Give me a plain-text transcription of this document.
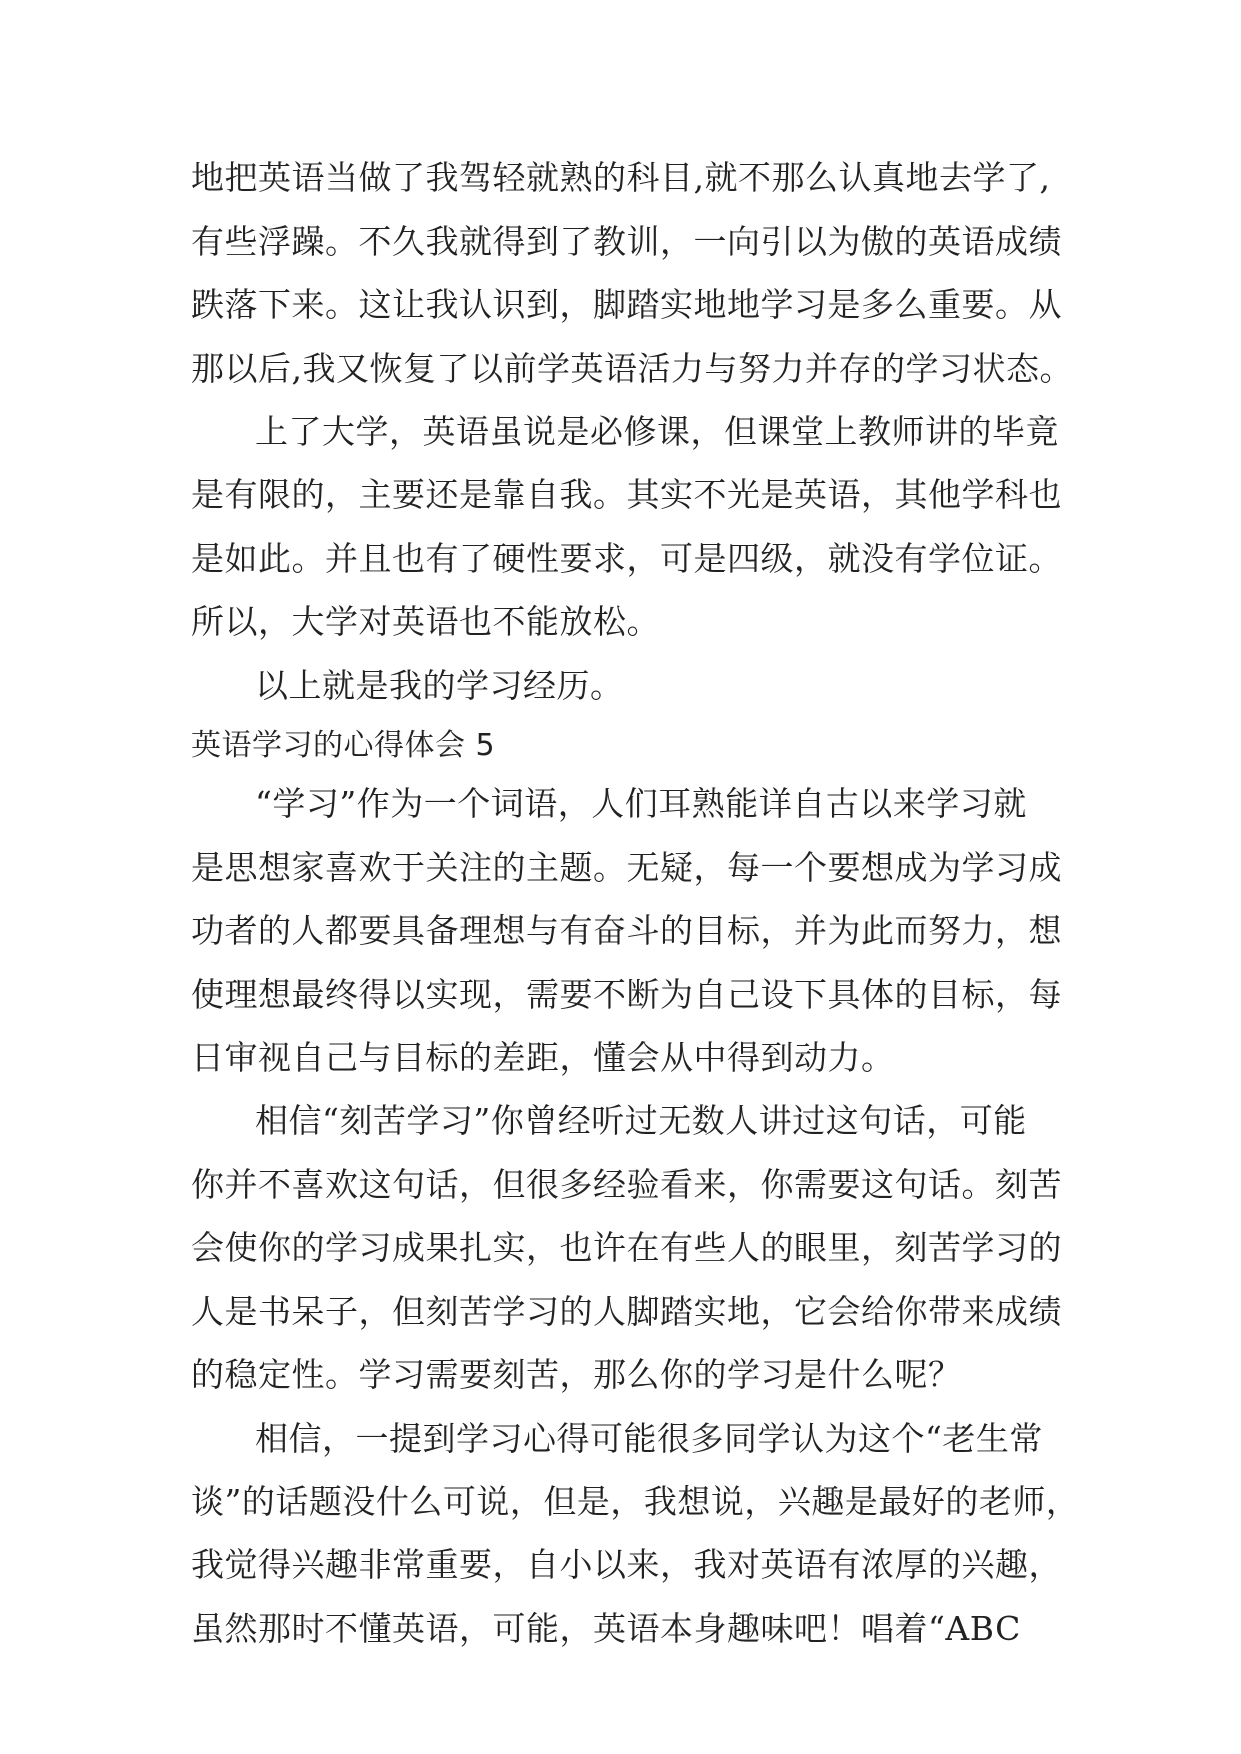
地把英语当做了我驾轻就熟的科目,就不那么认真地去学了,

有些浮躁。不久我就得到了教训，一向引以为傲的英语成绩

跌落下来。这让我认识到，脚踏实地地学习是多么重要。从

那以后,我又恢复了以前学英语活力与努力并存的学习状态。

上了大学，英语虽说是必修课，但课堂上教师讲的毕竟

是有限的，主要还是靠自我。其实不光是英语，其他学科也

是如此。并且也有了硬性要求，可是四级，就没有学位证。

所以，大学对英语也不能放松。

以上就是我的学习经历。

英语学习的心得体会 5

“学习”作为一个词语，人们耳熟能详自古以来学习就

是思想家喜欢于关注的主题。无疑，每一个要想成为学习成

功者的人都要具备理想与有奋斗的目标，并为此而努力，想

使理想最终得以实现，需要不断为自己设下具体的目标，每

日审视自己与目标的差距，懂会从中得到动力。

相信“刻苦学习”你曾经听过无数人讲过这句话，可能

你并不喜欢这句话，但很多经验看来，你需要这句话。刻苦

会使你的学习成果扎实，也许在有些人的眼里，刻苦学习的

人是书呆子，但刻苦学习的人脚踏实地，它会给你带来成绩

的稳定性。学习需要刻苦，那么你的学习是什么呢？

相信，一提到学习心得可能很多同学认为这个“老生常

谈”的话题没什么可说，但是，我想说，兴趣是最好的老师，

我觉得兴趣非常重要，自小以来，我对英语有浓厚的兴趣，

虽然那时不懂英语，可能，英语本身趣味吧！唱着“ABC
